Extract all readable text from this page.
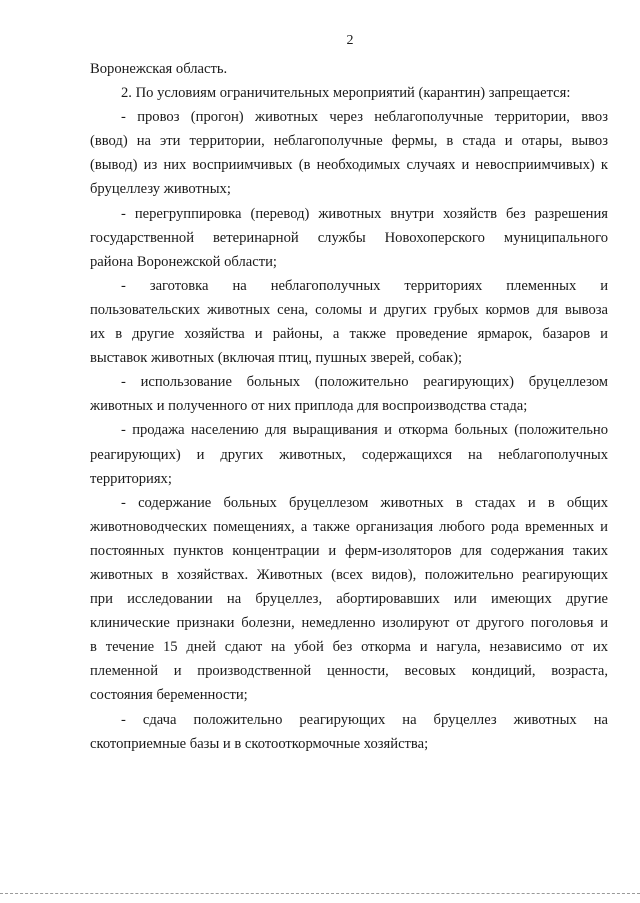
2
Воронежская область.
2. По условиям ограничительных мероприятий (карантин) запрещается:
- провоз (прогон) животных через неблагополучные территории, ввоз
(ввод) на эти территории, неблагополучные фермы, в стада и отары, вывоз
(вывод) из них восприимчивых (в необходимых случаях и невосприимчивых) к
бруцеллезу животных;
- перегруппировка (перевод) животных внутри хозяйств без разрешения
государственной ветеринарной службы Новохоперского муниципального
района Воронежской области;
- заготовка на неблагополучных территориях племенных и
пользовательских животных сена, соломы и других грубых кормов для вывоза
их в другие хозяйства и районы, а также проведение ярмарок, базаров и
выставок животных (включая птиц, пушных зверей, собак);
- использование больных (положительно реагирующих) бруцеллезом
животных и полученного от них приплода для воспроизводства стада;
- продажа населению для выращивания и откорма больных (положительно
реагирующих) и других животных, содержащихся на неблагополучных
территориях;
- содержание больных бруцеллезом животных в стадах и в общих
животноводческих помещениях, а также организация любого рода временных и
постоянных пунктов концентрации и ферм-изоляторов для содержания таких
животных в хозяйствах. Животных (всех видов), положительно реагирующих
при исследовании на бруцеллез, абортировавших или имеющих другие
клинические признаки болезни, немедленно изолируют от другого поголовья и
в течение 15 дней сдают на убой без откорма и нагула, независимо от их
племенной и производственной ценности, весовых кондиций, возраста,
состояния беременности;
- сдача положительно реагирующих на бруцеллез животных на
скотоприемные базы и в скотооткормочные хозяйства;
